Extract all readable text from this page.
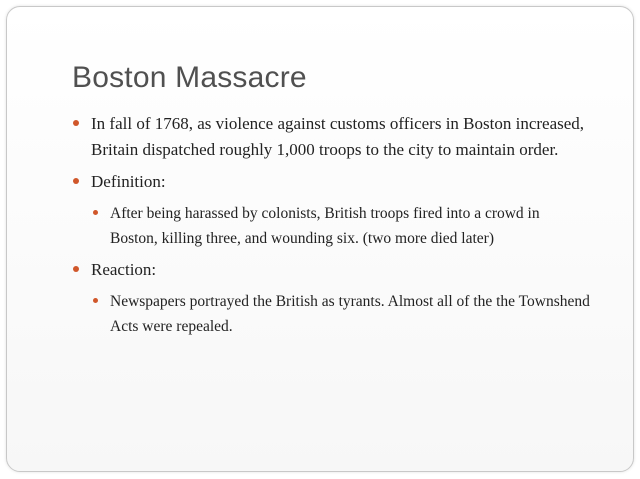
Boston Massacre
In fall of 1768, as violence against customs officers in Boston increased, Britain dispatched roughly 1,000 troops to the city to maintain order.
Definition:
After being harassed by colonists, British troops fired into a crowd in Boston, killing three, and wounding six. (two more died later)
Reaction:
Newspapers portrayed the British as tyrants. Almost all of the the Townshend Acts were repealed.
